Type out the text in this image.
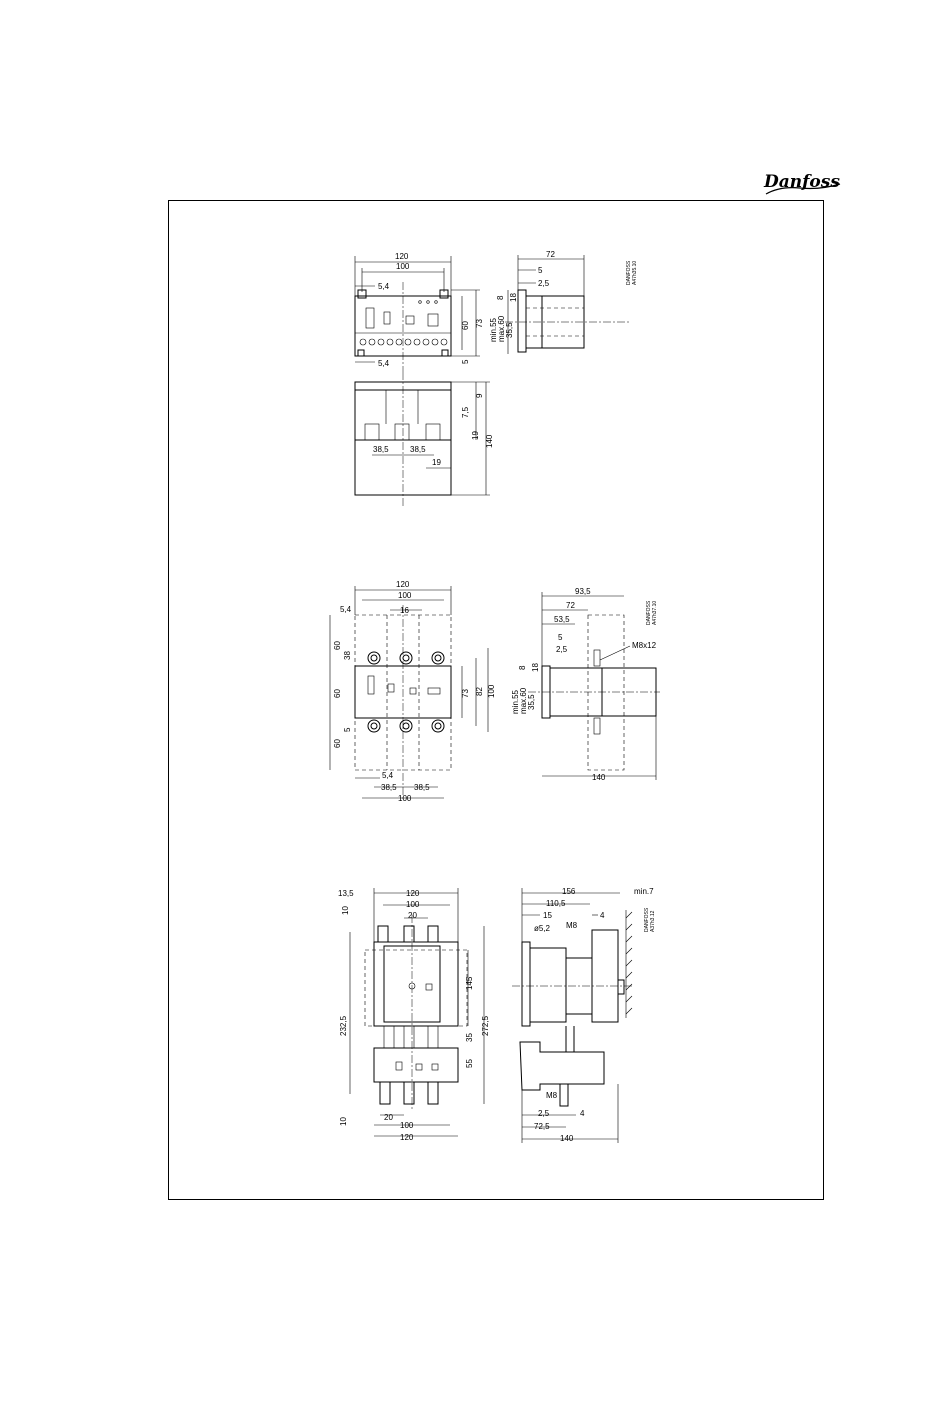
Danfoss
120
100
5,4
5,4
60 73
5
72
5
2,5
8 18
min.55 max.60 35,5
DANFOSS A47h35.10
7,5
9
19 140
38,5	38,5
19
120
100
5,4	16
60
38
60
5
60
73 82 100
5,4
38,5 38,5
100
93,5
72
53,5
5
2,5	M8x12
8 18
min.55 max.60 35,5
140
DANFOSS A47h37.10
13,5	120
100
20
10
232,5
145
272,5
35
55
10	20
100
120
156	min.7
110,5
15	4
ø5,2 M8
M8
2,5	4
72,5
140
DANFOSS A37h3.12
